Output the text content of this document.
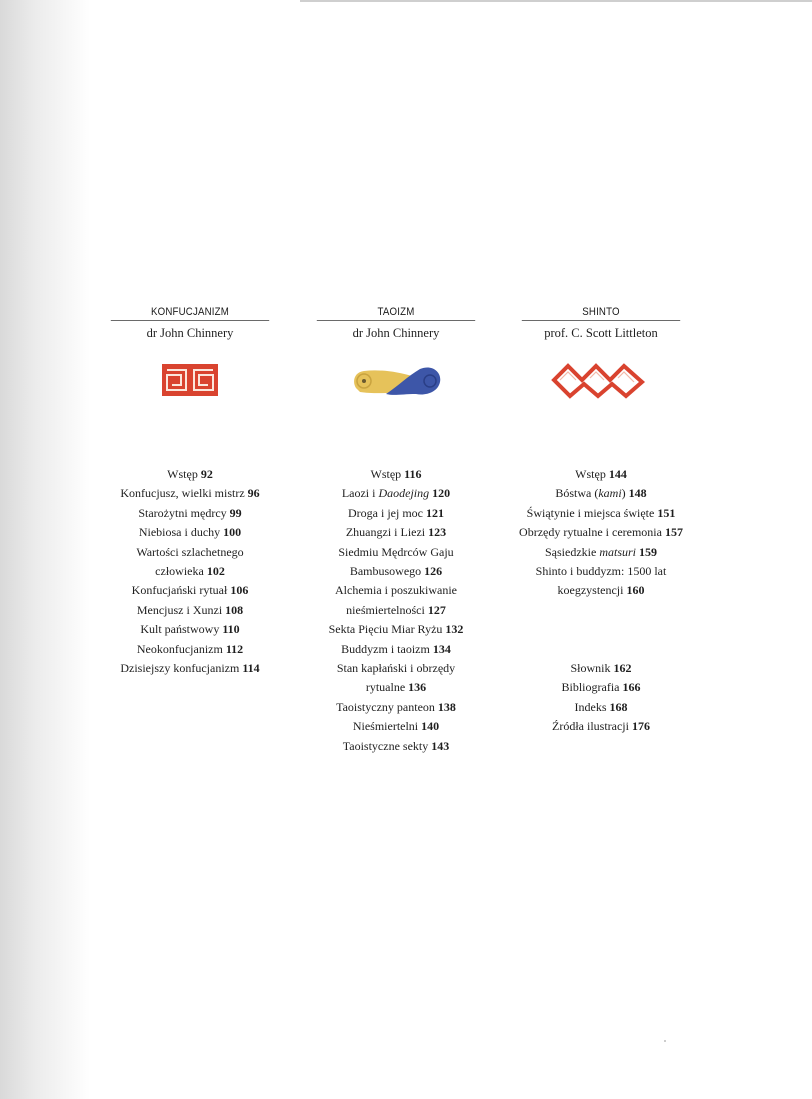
KONFUCJANIZM
dr John Chinnery
Wstęp 92
Konfucjusz, wielki mistrz 96
Starożytni mędrcy 99
Niebiosa i duchy 100
Wartości szlachetnego
człowieka 102
Konfucjański rytuał 106
Mencjusz i Xunzi 108
Kult państwowy 110
Neokonfucjanizm 112
Dzisiejszy konfucjanizm 114
TAOIZM
dr John Chinnery
Wstęp 116
Laozi i Daodejing 120
Droga i jej moc 121
Zhuangzi i Liezi 123
Siedmiu Mędrców Gaju
Bambusowego 126
Alchemia i poszukiwanie
nieśmiertelności 127
Sekta Pięciu Miar Ryżu 132
Buddyzm i taoizm 134
Stan kapłański i obrzędy
rytualne 136
Taoistyczny panteon 138
Nieśmiertelni 140
Taoistyczne sekty 143
SHINTO
prof. C. Scott Littleton
Wstęp 144
Bóstwa (kami) 148
Świątynie i miejsca święte 151
Obrzędy rytualne i ceremonia 157
Sąsiedzkie matsuri 159
Shinto i buddyzm: 1500 lat
koegzystencji 160
Słownik 162
Bibliografia 166
Indeks 168
Źródła ilustracji 176
